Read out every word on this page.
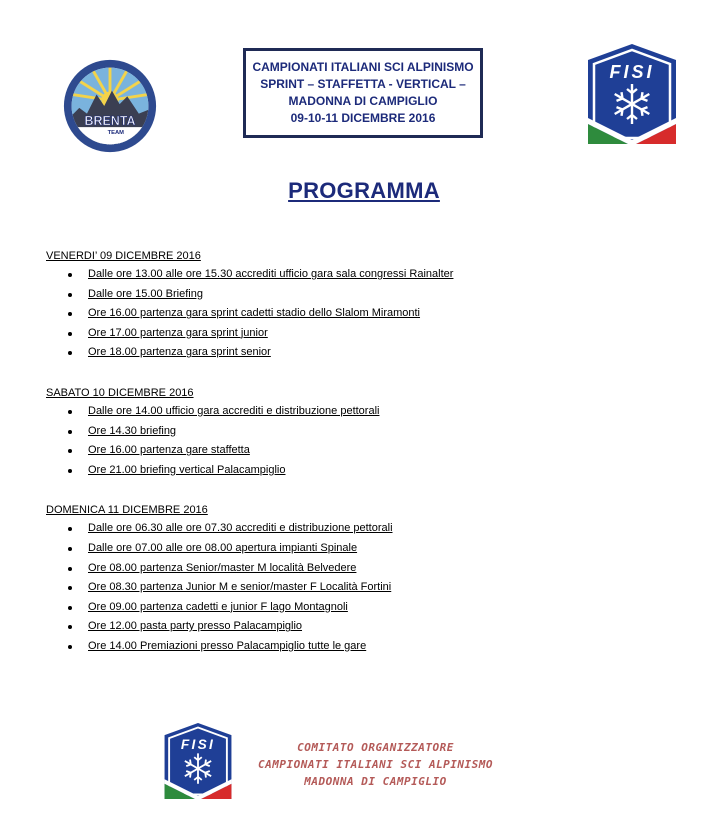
BRENTA
TEAM
LO SCI ALPINISMO
CAMPIONATI ITALIANI SCI ALPINISMO
SPRINT – STAFFETTA - VERTICAL –
MADONNA DI CAMPIGLIO
09-10-11 DICEMBRE 2016
FISI
PROGRAMMA
VENERDI’ 09 DICEMBRE 2016
Dalle ore 13.00 alle ore 15.30 accrediti ufficio gara sala congressi Rainalter
Dalle ore 15.00 Briefing
Ore 16.00 partenza gara sprint cadetti stadio dello Slalom Miramonti
Ore 17.00 partenza gara sprint junior
Ore 18.00 partenza gara sprint senior
SABATO 10 DICEMBRE 2016
Dalle ore 14.00 ufficio gara accrediti e distribuzione pettorali
Ore 14.30 briefing
Ore 16.00 partenza gare staffetta
Ore 21.00 briefing vertical Palacampiglio
DOMENICA 11 DICEMBRE 2016
Dalle ore 06.30 alle ore 07.30 accrediti e distribuzione pettorali
Dalle ore 07.00 alle ore 08.00 apertura impianti Spinale
Ore 08.00 partenza Senior/master M località Belvedere
Ore 08.30 partenza Junior M e senior/master F Località Fortini
Ore 09.00 partenza cadetti e junior F lago Montagnoli
Ore 12.00 pasta party presso Palacampiglio
Ore 14.00 Premiazioni presso Palacampiglio tutte le gare
FISI	COMITATO ORGANIZZATORE
CAMPIONATI ITALIANI SCI ALPINISMO
MADONNA DI CAMPIGLIO
